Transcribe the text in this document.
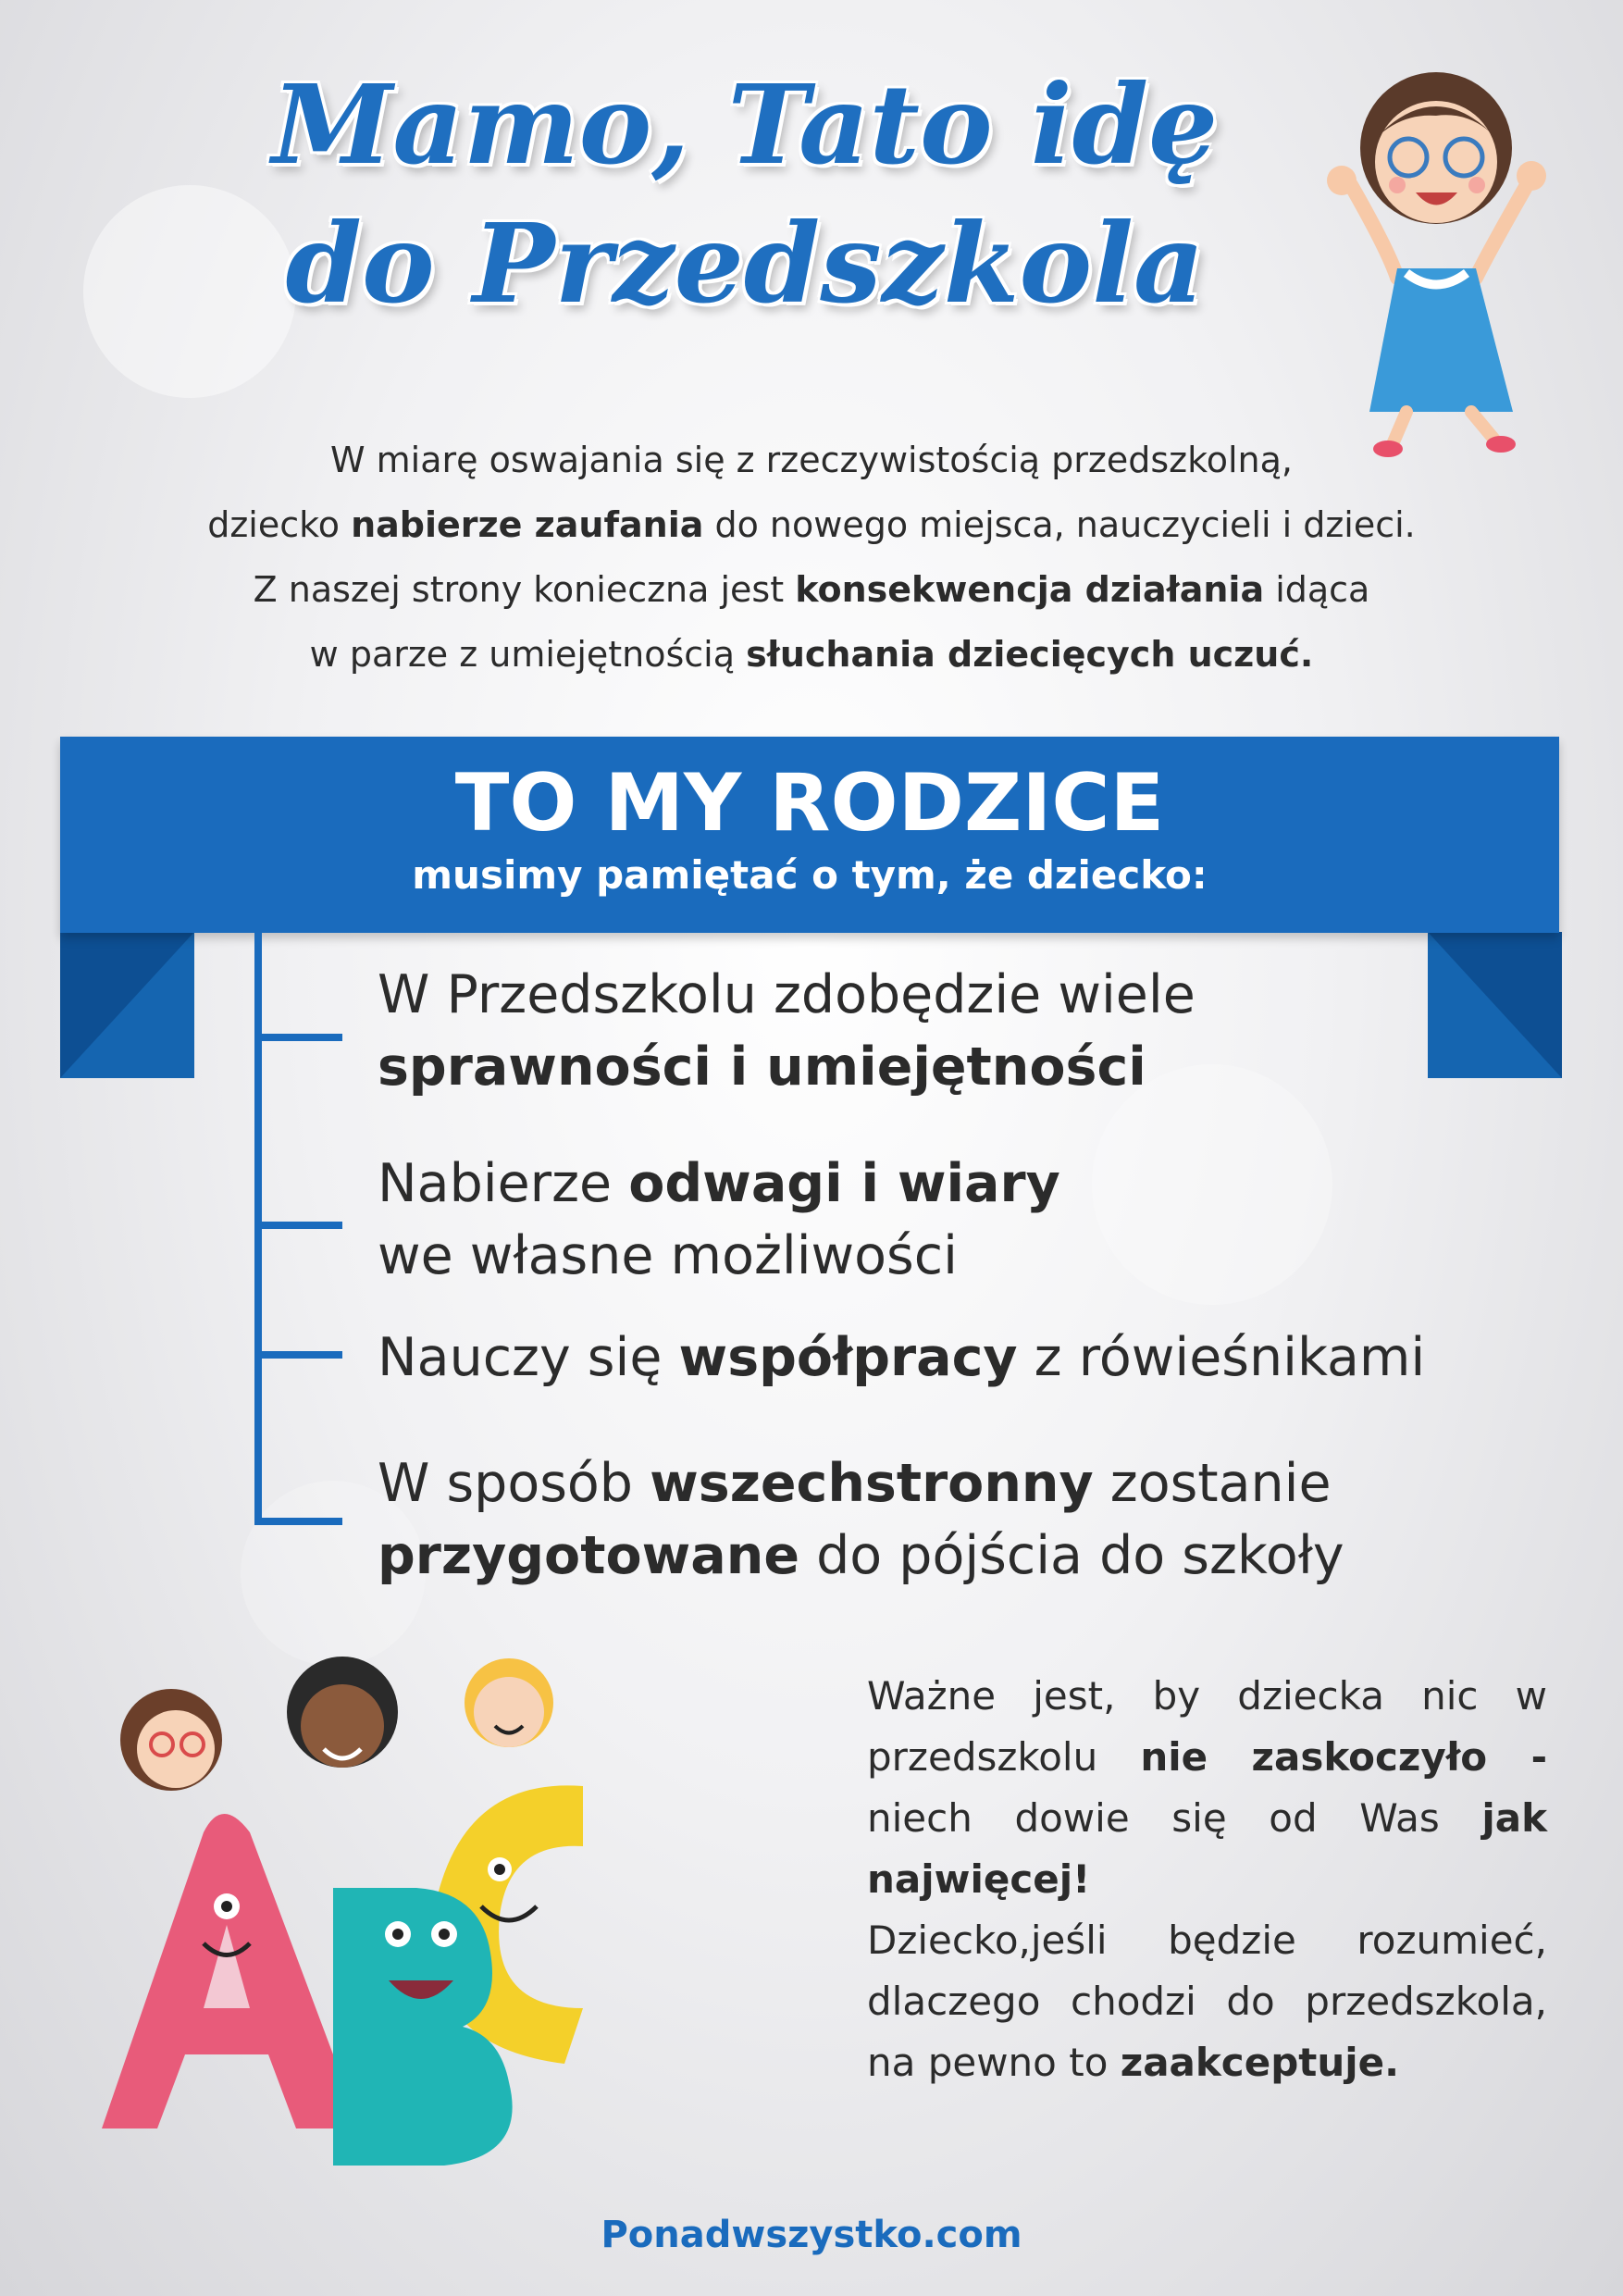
Mamo, Tato idę
do Przedszkola
W miarę oswajania się z rzeczywistością przedszkolną,
dziecko nabierze zaufania do nowego miejsca, nauczycieli i dzieci.
Z naszej strony konieczna jest konsekwencja działania idąca
w parze z umiejętnością słuchania dziecięcych uczuć.
TO MY RODZICE
musimy pamiętać o tym, że dziecko:
W Przedszkolu zdobędzie wiele
sprawności i umiejętności
Nabierze odwagi i wiary
we własne możliwości
Nauczy się współpracy z rówieśnikami
W sposób wszechstronny zostanie
przygotowane do pójścia do szkoły
Ważne jest, by dziecka nic w przedszkolu nie zaskoczyło - niech dowie się od Was jak najwięcej!
Dziecko,jeśli będzie rozumieć, dlaczego chodzi do przedszkola, na pewno to zaakceptuje.
Ponadwszystko.com
